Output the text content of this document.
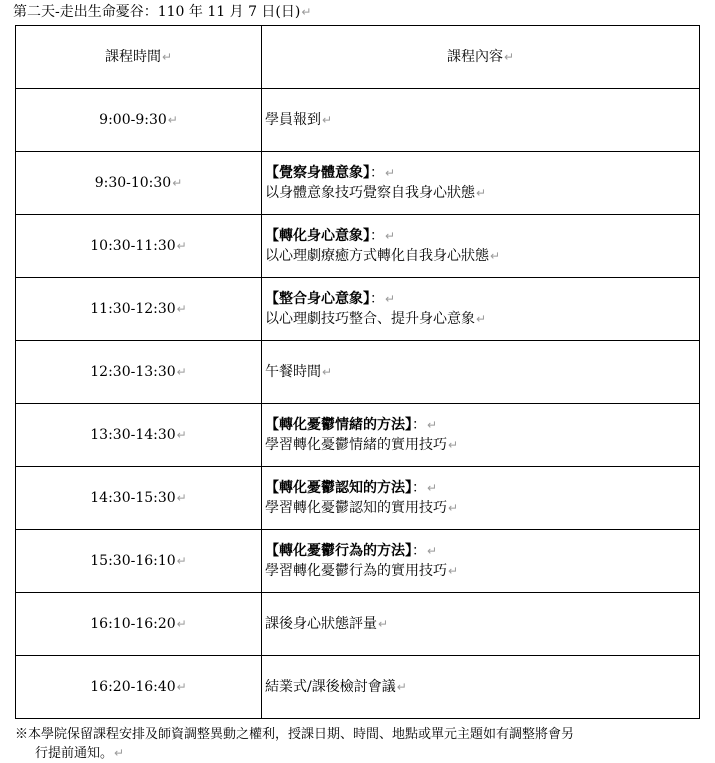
第二天-走出生命憂谷：110 年 11 月 7 日(日)↵
課程時間↵	課程內容↵
9:00-9:30↵	學員報到↵

9:30-10:30↵	【覺察身體意象】：↵
以身體意象技巧覺察自我身心狀態↵

10:30-11:30↵	【轉化身心意象】：↵
以心理劇療癒方式轉化自我身心狀態↵

11:30-12:30↵	【整合身心意象】：↵
以心理劇技巧整合、提升身心意象↵

12:30-13:30↵	午餐時間↵

13:30-14:30↵	【轉化憂鬱情緒的方法】：↵
學習轉化憂鬱情緒的實用技巧↵

14:30-15:30↵	【轉化憂鬱認知的方法】：↵
學習轉化憂鬱認知的實用技巧↵

15:30-16:10↵	【轉化憂鬱行為的方法】：↵
學習轉化憂鬱行為的實用技巧↵

16:10-16:20↵	課後身心狀態評量↵

16:20-16:40↵	結業式/課後檢討會議↵
※本學院保留課程安排及師資調整異動之權利，授課日期、時間、地點或單元主題如有調整將會另
行提前通知。↵
